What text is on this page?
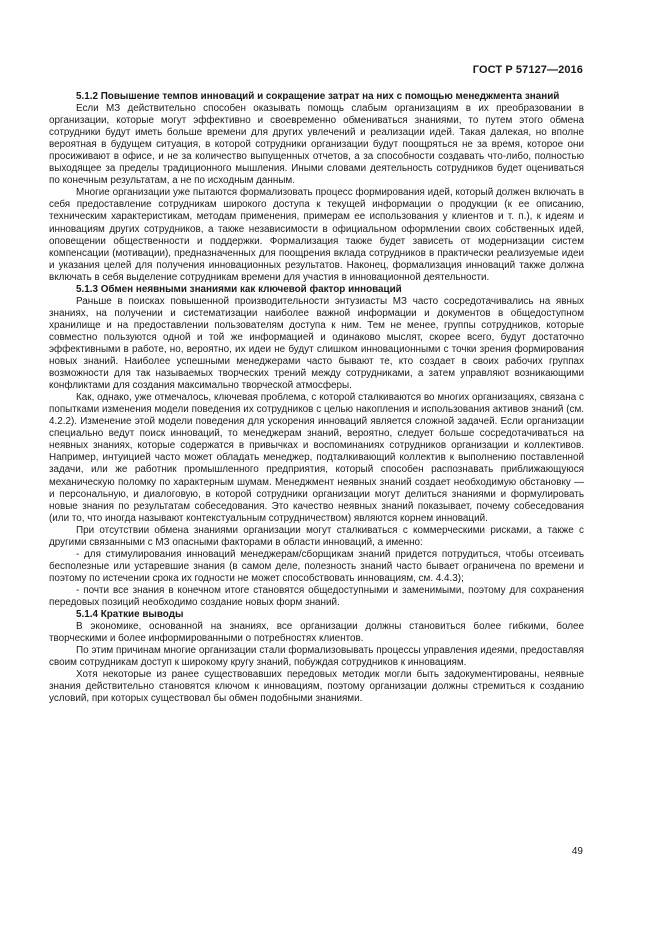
ГОСТ Р 57127—2016
5.1.2 Повышение темпов инноваций и сокращение затрат на них с помощью менеджмента знаний

Если МЗ действительно способен оказывать помощь слабым организациям в их преобразовании в организации, которые могут эффективно и своевременно обмениваться знаниями, то путем этого обмена сотрудники будут иметь больше времени для других увлечений и реализации идей. Такая далекая, но вполне вероятная в будущем ситуация, в которой сотрудники организации будут поощряться не за время, которое они просиживают в офисе, и не за количество выпущенных отчетов, а за способности создавать что-либо, полностью выходящее за пределы традиционного мышления. Иными словами деятельность сотрудников будет оцениваться по конечным результатам, а не по исходным данным.

Многие организации уже пытаются формализовать процесс формирования идей, который должен включать в себя предоставление сотрудникам широкого доступа к текущей информации о продукции (к ее описанию, техническим характеристикам, методам применения, примерам ее использования у клиентов и т. п.), к идеям и инновациям других сотрудников, а также независимости в официальном оформлении своих собственных идей, оповещении общественности и поддержки. Формализация также будет зависеть от модернизации систем компенсации (мотивации), предназначенных для поощрения вклада сотрудников в практически реализуемые идеи и указания целей для получения инновационных результатов. Наконец, формализация инноваций также должна включать в себя выделение сотрудникам времени для участия в инновационной деятельности.

5.1.3 Обмен неявными знаниями как ключевой фактор инноваций

Раньше в поисках повышенной производительности энтузиасты МЗ часто сосредотачивались на явных знаниях, на получении и систематизации наиболее важной информации и документов в общедоступном хранилище и на предоставлении пользователям доступа к ним. Тем не менее, группы сотрудников, которые совместно пользуются одной и той же информацией и одинаково мыслят, скорее всего, будут достаточно эффективными в работе, но, вероятно, их идеи не будут слишком инновационными с точки зрения формирования новых знаний. Наиболее успешными менеджерами часто бывают те, кто создает в своих рабочих группах возможности для так называемых творческих трений между сотрудниками, а затем управляют возникающими конфликтами для создания максимально творческой атмосферы.

Как, однако, уже отмечалось, ключевая проблема, с которой сталкиваются во многих организациях, связана с попытками изменения модели поведения их сотрудников с целью накопления и использования активов знаний (см. 4.2.2). Изменение этой модели поведения для ускорения инноваций является сложной задачей. Если организации специально ведут поиск инноваций, то менеджерам знаний, вероятно, следует больше сосредотачиваться на неявных знаниях, которые содержатся в привычках и воспоминаниях сотрудников организации и коллективов. Например, интуицией часто может обладать менеджер, подталкивающий коллектив к выполнению поставленной задачи, или же работник промышленного предприятия, который способен распознавать приближающуюся механическую поломку по характерным шумам. Менеджмент неявных знаний создает необходимую обстановку — и персональную, и диалоговую, в которой сотрудники организации могут делиться знаниями и формулировать новые знания по результатам собеседования. Это качество неявных знаний показывает, почему собеседования (или то, что иногда называют контекстуальным сотрудничеством) являются корнем инноваций.

При отсутствии обмена знаниями организации могут сталкиваться с коммерческими рисками, а также с другими связанными с МЗ опасными факторами в области инноваций, а именно:

- для стимулирования инноваций менеджерам/сборщикам знаний придется потрудиться, чтобы отсеивать бесполезные или устаревшие знания (в самом деле, полезность знаний часто бывает ограничена по времени и поэтому по истечении срока их годности не может способствовать инновациям, см. 4.4.3);

- почти все знания в конечном итоге становятся общедоступными и заменимыми, поэтому для сохранения передовых позиций необходимо создание новых форм знаний.

5.1.4 Краткие выводы

В экономике, основанной на знаниях, все организации должны становиться более гибкими, более творческими и более информированными о потребностях клиентов.

По этим причинам многие организации стали формализовывать процессы управления идеями, предоставляя своим сотрудникам доступ к широкому кругу знаний, побуждая сотрудников к инновациям.

Хотя некоторые из ранее существовавших передовых методик могли быть задокументированы, неявные знания действительно становятся ключом к инновациям, поэтому организации должны стремиться к созданию условий, при которых существовал бы обмен подобными знаниями.

49
